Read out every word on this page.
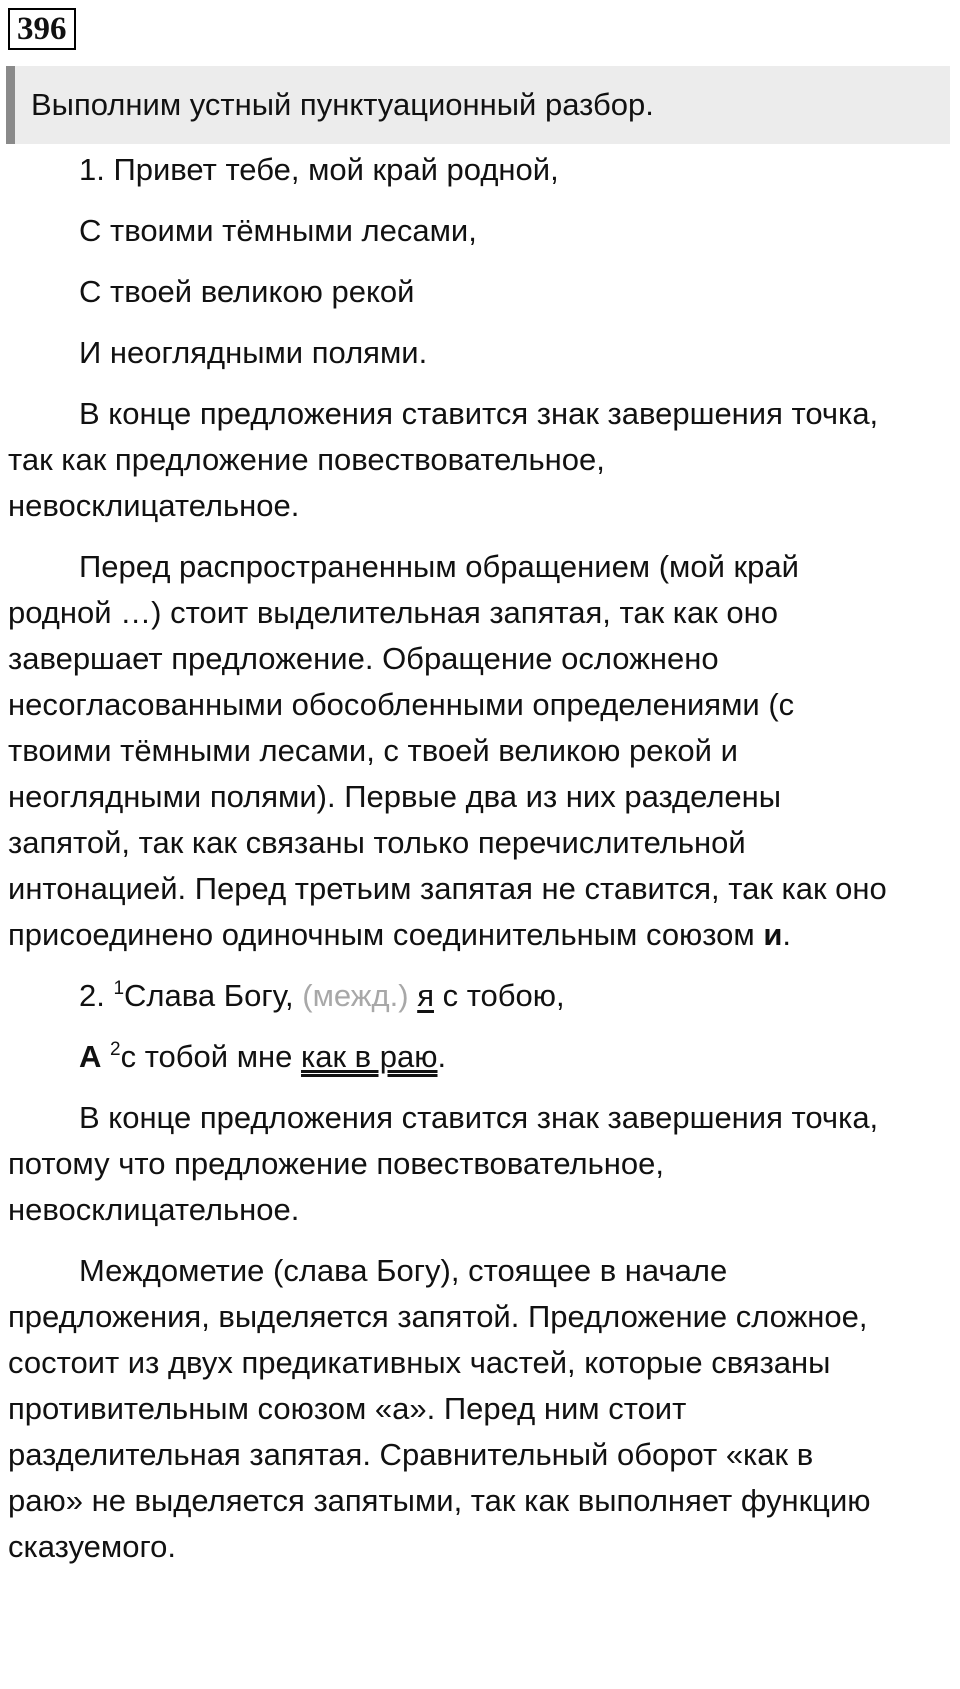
396
Выполним устный пунктуационный разбор.
1. Привет тебе, мой край родной,
С твоими тёмными лесами,
С твоей великою рекой
И неоглядными полями.
В конце предложения ставится знак завершения точка,
так как предложение повествовательное,
невосклицательное.
Перед распространенным обращением (мой край
родной …) стоит выделительная запятая, так как оно
завершает предложение. Обращение осложнено
несогласованными обособленными определениями (с
твоими тёмными лесами, с твоей великою рекой и
неоглядными полями). Первые два из них разделены
запятой, так как связаны только перечислительной
интонацией. Перед третьим запятая не ставится, так как оно
присоединено одиночным соединительным союзом и.
2. $^1$Слава Богу, (межд.) я с тобою,
А $^2$с тобой мне как в раю.
В конце предложения ставится знак завершения точка,
потому что предложение повествовательное,
невосклицательное.
Междометие (слава Богу), стоящее в начале
предложения, выделяется запятой. Предложение сложное,
состоит из двух предикативных частей, которые связаны
противительным союзом «а». Перед ним стоит
разделительная запятая. Сравнительный оборот «как в
раю» не выделяется запятыми, так как выполняет функцию
сказуемого.
